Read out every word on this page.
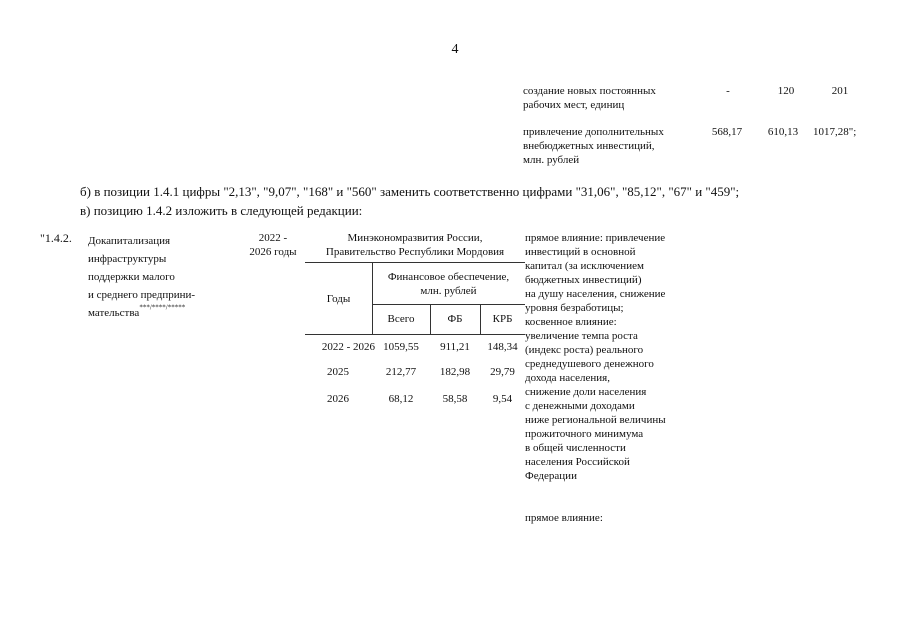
4
создание новых постоянных
рабочих мест, единиц
-	120	201
привлечение дополнительных
внебюджетных инвестиций,
млн. рублей
568,17	610,13	1017,28";
б) в позиции 1.4.1 цифры "2,13", "9,07", "168" и "560" заменить соответственно цифрами "31,06", "85,12", "67" и "459";
в) позицию 1.4.2 изложить в следующей редакции:
"1.4.2.	Докапитализация
инфраструктуры
поддержки малого
и среднего предприни-
мательства***/****/*****
2022 -
2026 годы
Минэкономразвития России,
Правительство Республики Мордовия
Финансовое обеспечение,
млн. рублей
Годы
Всего	ФБ	КРБ
2022 - 2026 1059,55	911,21	148,34
2025	212,77	182,98	29,79
2026	68,12	58,58	9,54
прямое влияние: привлечение
инвестиций в основной
капитал (за исключением
бюджетных инвестиций)
на душу населения, снижение
уровня безработицы;
косвенное влияние:
увеличение темпа роста
(индекс роста) реального
среднедушевого денежного
дохода населения,
снижение доли населения
с денежными доходами
ниже региональной величины
прожиточного минимума
в общей численности
населения Российской
Федерации
прямое влияние:
